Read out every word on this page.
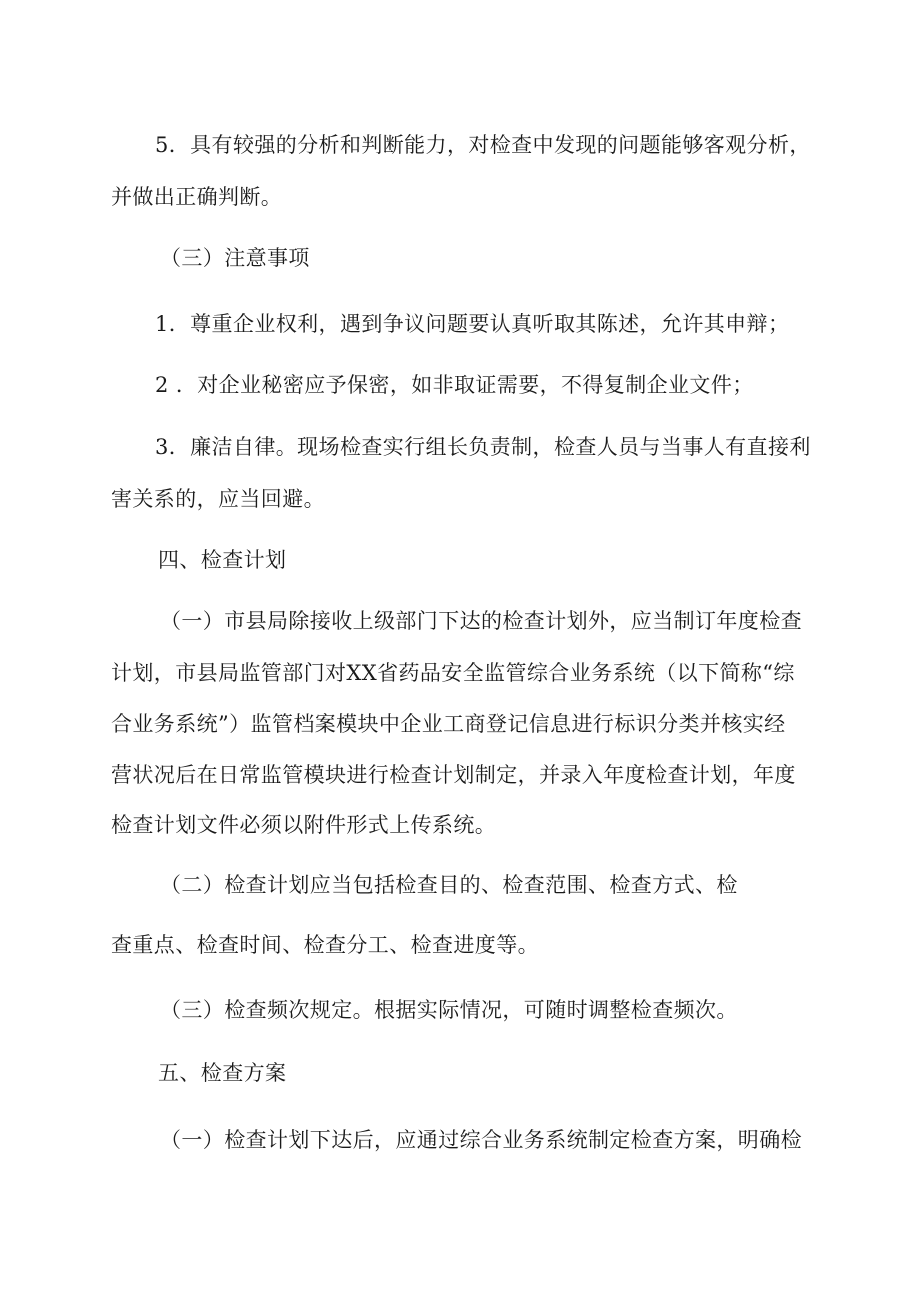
5．具有较强的分析和判断能力，对检查中发现的问题能够客观分析，
并做出正确判断。
（三）注意事项
1．尊重企业权利，遇到争议问题要认真听取其陈述，允许其申辩；
2 ．对企业秘密应予保密，如非取证需要，不得复制企业文件；
3．廉洁自律。现场检查实行组长负责制，检查人员与当事人有直接利
害关系的，应当回避。
四、检查计划
（一）市县局除接收上级部门下达的检查计划外，应当制订年度检查
计划，市县局监管部门对XX省药品安全监管综合业务系统（以下简称“综
合业务系统”）监管档案模块中企业工商登记信息进行标识分类并核实经
营状况后在日常监管模块进行检查计划制定，并录入年度检查计划，年度
检查计划文件必须以附件形式上传系统。
（二）检查计划应当包括检查目的、检查范围、检查方式、检
查重点、检查时间、检查分工、检查进度等。
（三）检查频次规定。根据实际情况，可随时调整检查频次。
五、检查方案
（一）检查计划下达后，应通过综合业务系统制定检查方案，明确检
